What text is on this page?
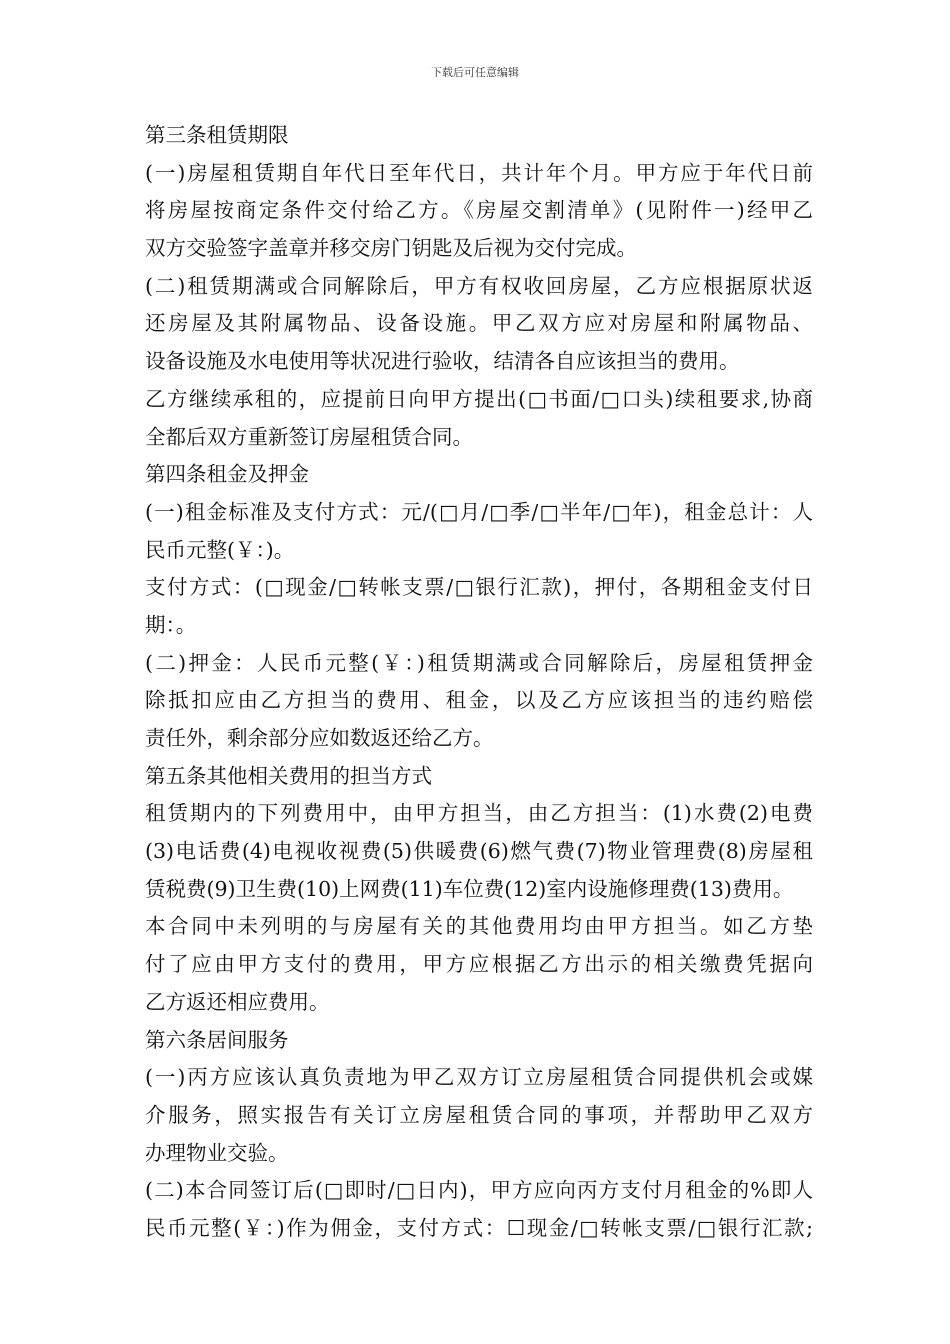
下载后可任意编辑
第三条租赁期限
(一)房屋租赁期自年代日至年代日，共计年个月。甲方应于年代日前
将房屋按商定条件交付给乙方。《房屋交割清单》(见附件一)经甲乙
双方交验签字盖章并移交房门钥匙及后视为交付完成。
(二)租赁期满或合同解除后，甲方有权收回房屋，乙方应根据原状返
还房屋及其附属物品、设备设施。甲乙双方应对房屋和附属物品、
设备设施及水电使用等状况进行验收，结清各自应该担当的费用。
乙方继续承租的，应提前日向甲方提出(□书面/□口头)续租要求,协商
全都后双方重新签订房屋租赁合同。
第四条租金及押金
(一)租金标准及支付方式：元/(□月/□季/□半年/□年)，租金总计：人
民币元整(￥：)。
支付方式：(□现金/□转帐支票/□银行汇款)，押付，各期租金支付日
期：。
(二)押金：人民币元整(￥：)租赁期满或合同解除后，房屋租赁押金
除抵扣应由乙方担当的费用、租金，以及乙方应该担当的违约赔偿
责任外，剩余部分应如数返还给乙方。
第五条其他相关费用的担当方式
租赁期内的下列费用中，由甲方担当，由乙方担当：(1)水费(2)电费
(3)电话费(4)电视收视费(5)供暖费(6)燃气费(7)物业管理费(8)房屋租
赁税费(9)卫生费(10)上网费(11)车位费(12)室内设施修理费(13)费用。
本合同中未列明的与房屋有关的其他费用均由甲方担当。如乙方垫
付了应由甲方支付的费用，甲方应根据乙方出示的相关缴费凭据向
乙方返还相应费用。
第六条居间服务
(一)丙方应该认真负责地为甲乙双方订立房屋租赁合同提供机会或媒
介服务，照实报告有关订立房屋租赁合同的事项，并帮助甲乙双方
办理物业交验。
(二)本合同签订后(□即时/□日内)，甲方应向丙方支付月租金的%即人
民币元整(￥：)作为佣金，支付方式：☐现金/□转帐支票/□银行汇款;
